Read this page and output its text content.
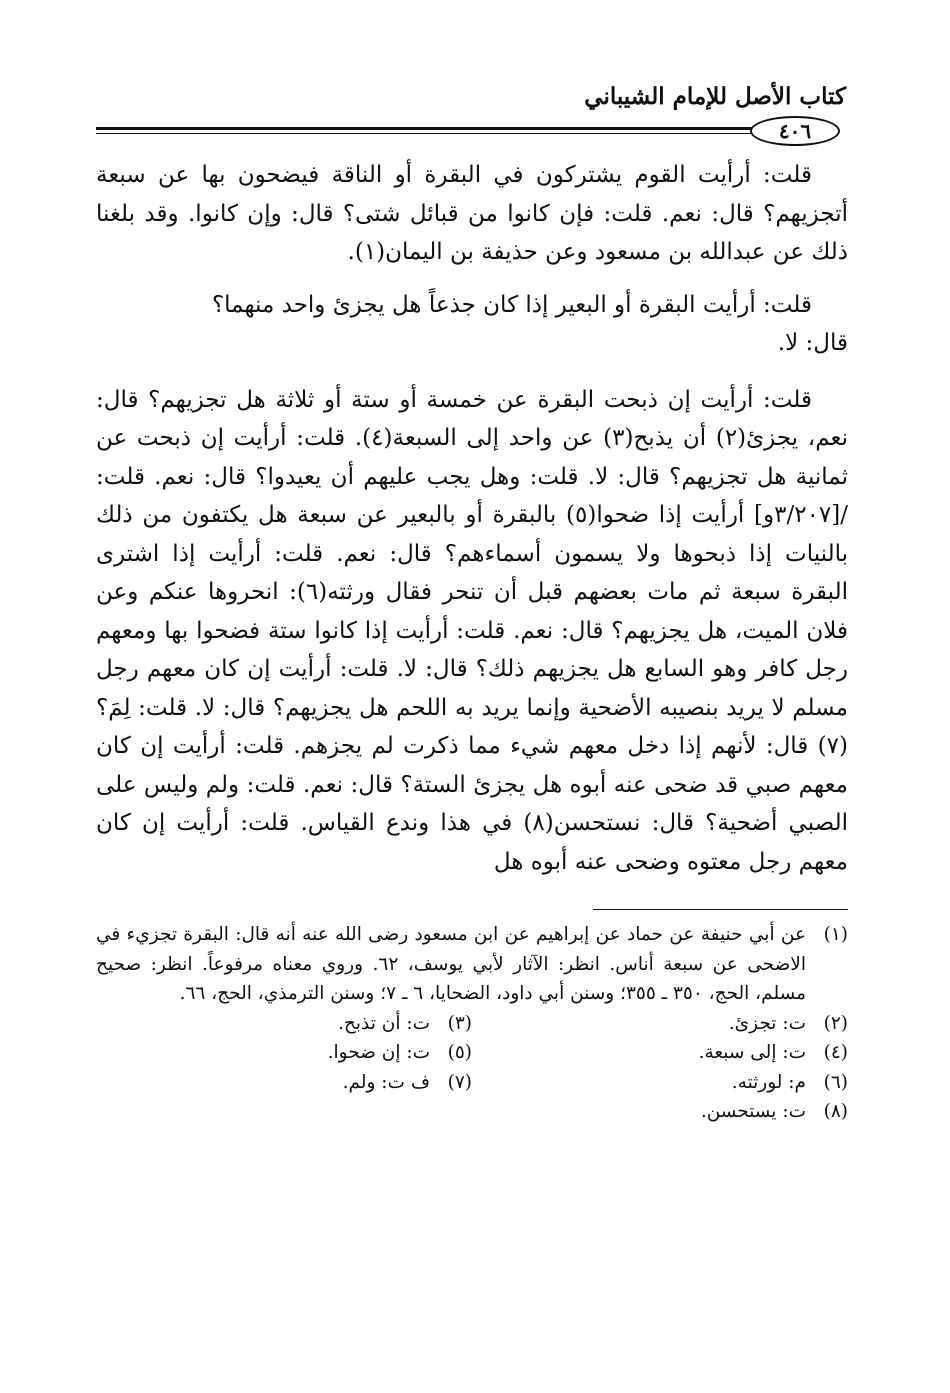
كتاب الأصل للإمام الشيباني
٤٠٦

قلت: أرأيت القوم يشتركون في البقرة أو الناقة فيضحون بها عن سبعة أتجزيهم؟ قال: نعم. قلت: فإن كانوا من قبائل شتى؟ قال: وإن كانوا. وقد بلغنا ذلك عن عبدالله بن مسعود وعن حذيفة بن اليمان(١).

قلت: أرأيت البقرة أو البعير إذا كان جذعاً هل يجزئ واحد منهما؟

قال: لا.

قلت: أرأيت إن ذبحت البقرة عن خمسة أو ستة أو ثلاثة هل تجزيهم؟ قال: نعم، يجزئ(٢) أن يذبح(٣) عن واحد إلى السبعة(٤). قلت: أرأيت إن ذبحت عن ثمانية هل تجزيهم؟ قال: لا. قلت: وهل يجب عليهم أن يعيدوا؟ قال: نعم. قلت: /[٣/٢٠٧و] أرأيت إذا ضحوا(٥) بالبقرة أو بالبعير عن سبعة هل يكتفون من ذلك بالنيات إذا ذبحوها ولا يسمون أسماءهم؟ قال: نعم. قلت: أرأيت إذا اشترى البقرة سبعة ثم مات بعضهم قبل أن تنحر فقال ورثته(٦): انحروها عنكم وعن فلان الميت، هل يجزيهم؟ قال: نعم. قلت: أرأيت إذا كانوا ستة فضحوا بها ومعهم رجل كافر وهو السابع هل يجزيهم ذلك؟ قال: لا. قلت: أرأيت إن كان معهم رجل مسلم لا يريد بنصيبه الأضحية وإنما يريد به اللحم هل يجزيهم؟ قال: لا. قلت: لِمَ؟(٧) قال: لأنهم إذا دخل معهم شيء مما ذكرت لم يجزهم. قلت: أرأيت إن كان معهم صبي قد ضحى عنه أبوه هل يجزئ الستة؟ قال: نعم. قلت: ولم وليس على الصبي أضحية؟ قال: نستحسن(٨) في هذا وندع القياس. قلت: أرأيت إن كان معهم رجل معتوه وضحى عنه أبوه هل

(١)
عن أبي حنيفة عن حماد عن إبراهيم عن ابن مسعود رضى الله عنه أنه قال: البقرة تجزيء في الاضحى عن سبعة أناس. انظر: الآثار لأبي يوسف، ٦٢. وروي معناه مرفوعاً. انظر: صحيح مسلم، الحج، ٣٥٠ ـ ٣٥٥؛ وسنن أبي داود، الضحايا، ٦ ـ ٧؛ وسنن الترمذي، الحج، ٦٦.
(٢)
ت: تجزئ.
(٣)
ت: أن تذبح.
(٤)
ت: إلى سبعة.
(٥)
ت: إن ضحوا.
(٦)
م: لورثته.
(٧)
ف ت: ولم.
(٨)
ت: يستحسن.
